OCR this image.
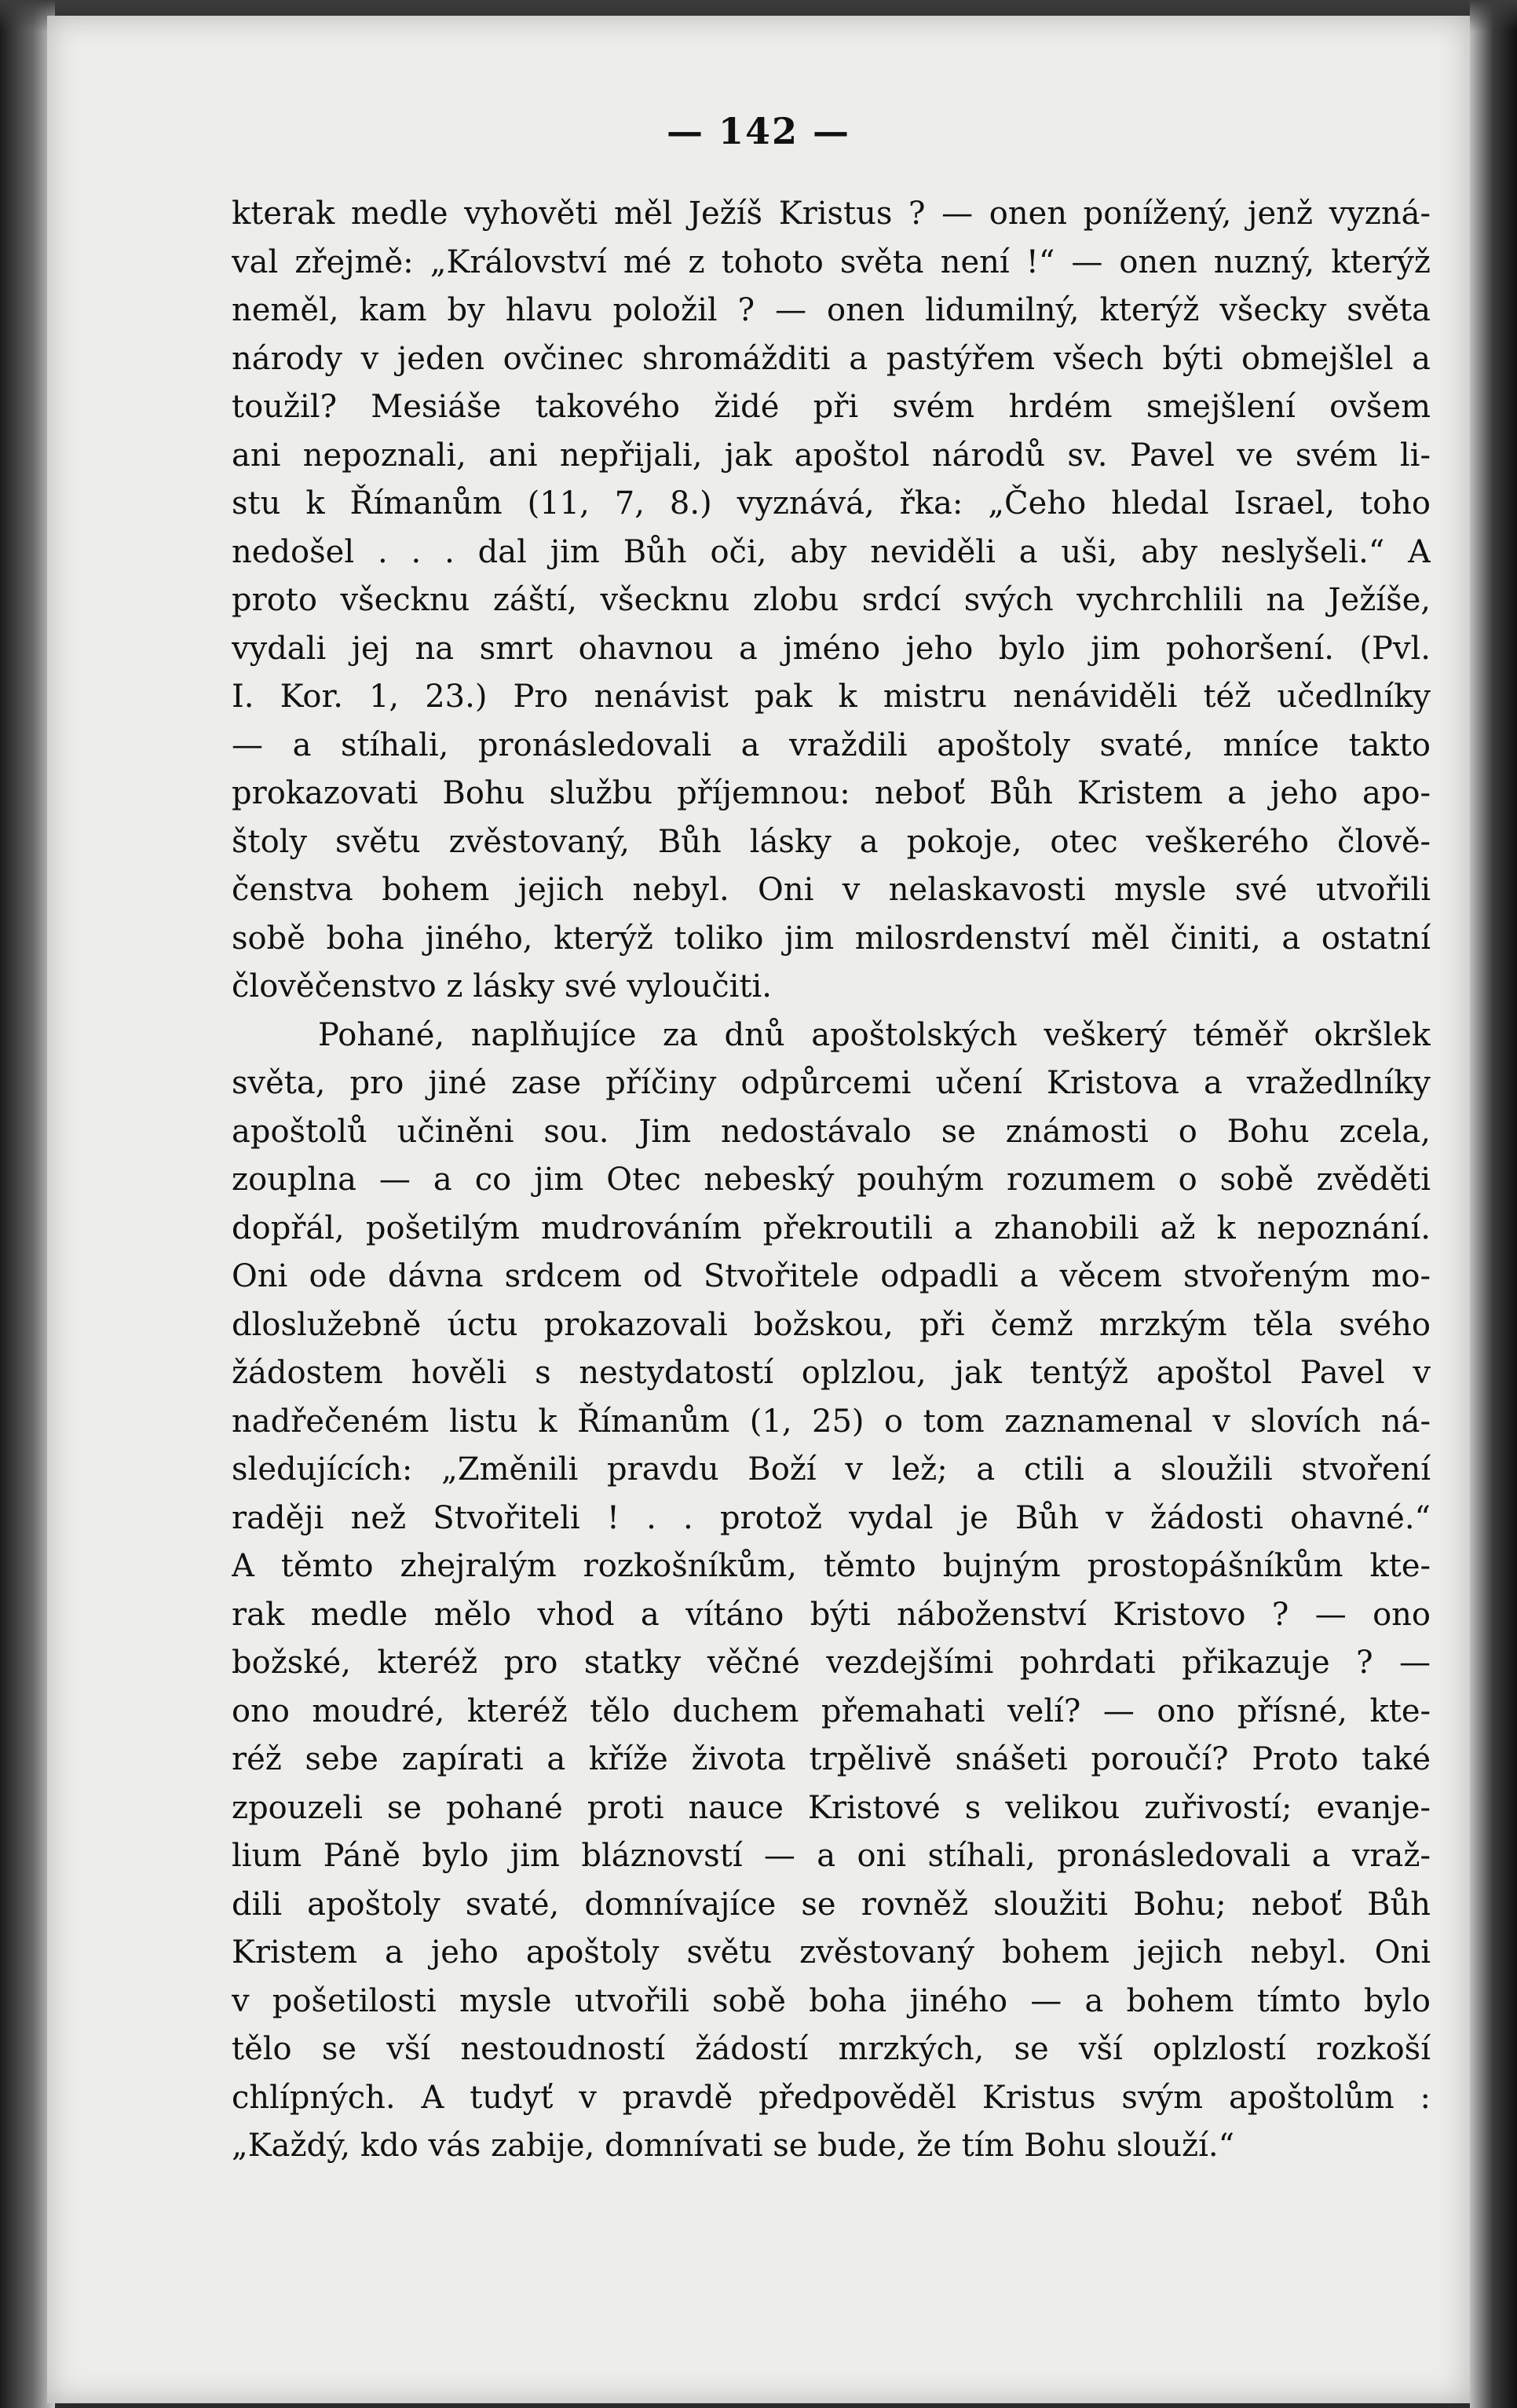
— 142 —
kterak medle vyhověti měl Ježíš Kristus ? — onen ponížený, jenž vyzná-
val zřejmě: „Království mé z tohoto světa není !“ — onen nuzný, kterýž
neměl, kam by hlavu položil ? — onen lidumilný, kterýž všecky světa
národy v jeden ovčinec shromážditi a pastýřem všech býti obmejšlel a
toužil? Mesiáše takového židé při svém hrdém smejšlení ovšem
ani nepoznali, ani nepřijali, jak apoštol národů sv. Pavel ve svém li-
stu k Římanům (11, 7, 8.) vyznává, řka: „Čeho hledal Israel, toho
nedošel . . . dal jim Bůh oči, aby neviděli a uši, aby neslyšeli.“ A
proto všecknu záští, všecknu zlobu srdcí svých vychrchlili na Ježíše,
vydali jej na smrt ohavnou a jméno jeho bylo jim pohoršení. (Pvl.
I. Kor. 1, 23.) Pro nenávist pak k mistru nenáviděli též učedlníky
— a stíhali, pronásledovali a vraždili apoštoly svaté, mníce takto
prokazovati Bohu službu příjemnou: neboť Bůh Kristem a jeho apo-
štoly světu zvěstovaný, Bůh lásky a pokoje, otec veškerého člově-
čenstva bohem jejich nebyl. Oni v nelaskavosti mysle své utvořili
sobě boha jiného, kterýž toliko jim milosrdenství měl činiti, a ostatní
člověčenstvo z lásky své vyloučiti.
Pohané, naplňujíce za dnů apoštolských veškerý téměř okršlek
světa, pro jiné zase příčiny odpůrcemi učení Kristova a vražedlníky
apoštolů učiněni sou. Jim nedostávalo se známosti o Bohu zcela,
zouplna — a co jim Otec nebeský pouhým rozumem o sobě zvěděti
dopřál, pošetilým mudrováním překroutili a zhanobili až k nepoznání.
Oni ode dávna srdcem od Stvořitele odpadli a věcem stvořeným mo-
dloslužebně úctu prokazovali božskou, při čemž mrzkým těla svého
žádostem hověli s nestydatostí oplzlou, jak tentýž apoštol Pavel v
nadřečeném listu k Římanům (1, 25) o tom zaznamenal v slovích ná-
sledujících: „Změnili pravdu Boží v lež; a ctili a sloužili stvoření
raději než Stvořiteli ! . . protož vydal je Bůh v žádosti ohavné.“
A těmto zhejralým rozkošníkům, těmto bujným prostopášníkům kte-
rak medle mělo vhod a vítáno býti náboženství Kristovo ? — ono
božské, kteréž pro statky věčné vezdejšími pohrdati přikazuje ? —
ono moudré, kteréž tělo duchem přemahati velí? — ono přísné, kte-
réž sebe zapírati a kříže života trpělivě snášeti poroučí? Proto také
zpouzeli se pohané proti nauce Kristové s velikou zuřivostí; evanje-
lium Páně bylo jim bláznovstí — a oni stíhali, pronásledovali a vraž-
dili apoštoly svaté, domnívajíce se rovněž sloužiti Bohu; neboť Bůh
Kristem a jeho apoštoly světu zvěstovaný bohem jejich nebyl. Oni
v pošetilosti mysle utvořili sobě boha jiného — a bohem tímto bylo
tělo se vší nestoudností žádostí mrzkých, se vší oplzlostí rozkoší
chlípných. A tudyť v pravdě předpověděl Kristus svým apoštolům :
„Každý, kdo vás zabije, domnívati se bude, že tím Bohu slouží.“
